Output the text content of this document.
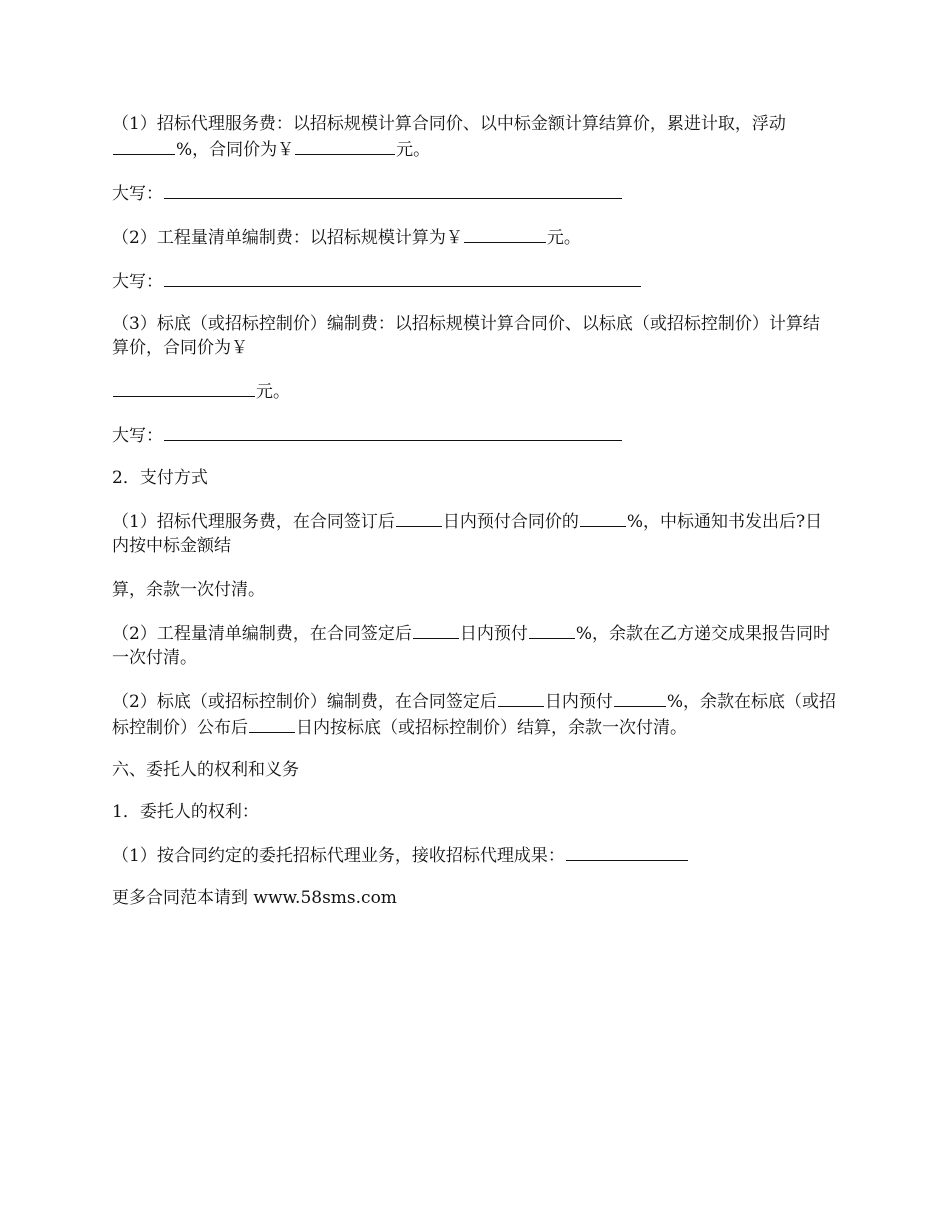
（1）招标代理服务费：以招标规模计算合同价、以中标金额计算结算价，累进计取，浮动%，合同价为￥	元。

大写：

（2）工程量清单编制费：以招标规模计算为￥	元。

大写：

（3）标底（或招标控制价）编制费：以招标规模计算合同价、以标底（或招标控制价）计算结算价，合同价为￥

元。

大写：

2．支付方式

（1）招标代理服务费，在合同签订后	日内预付合同价的	%，中标通知书发出后?日内按中标金额结

算，余款一次付清。

（2）工程量清单编制费，在合同签定后	日内预付	%，余款在乙方递交成果报告同时一次付清。

（2）标底（或招标控制价）编制费，在合同签定后	日内预付	%，余款在标底（或招标控制价）公布后	日内按标底（或招标控制价）结算，余款一次付清。

六、委托人的权利和义务

1．委托人的权利：

（1）按合同约定的委托招标代理业务，接收招标代理成果：

更多合同范本请到 www.58sms.com
